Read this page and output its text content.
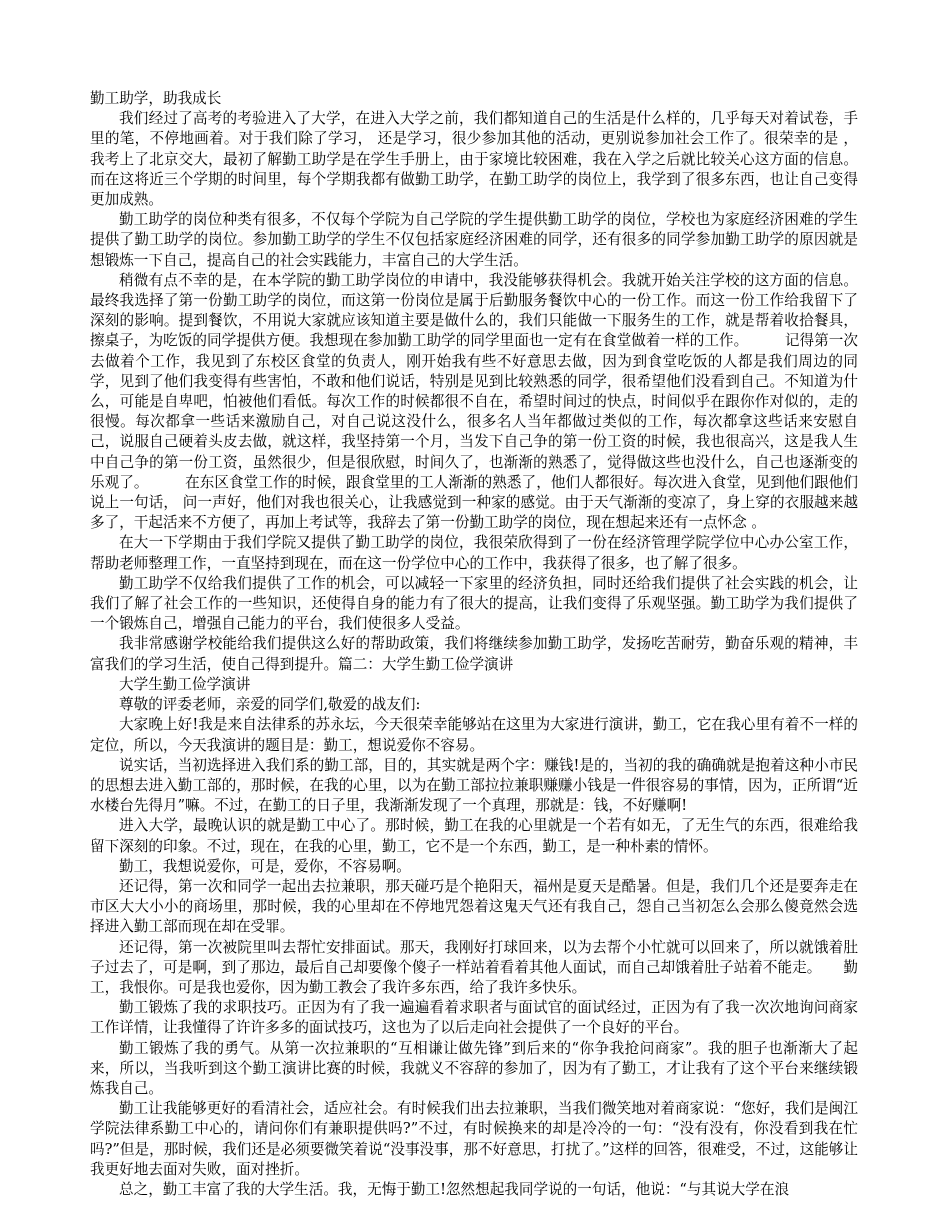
勤工助学，助我成长

我们经过了高考的考验进入了大学，在进入大学之前，我们都知道自己的生活是什么样的，几乎每天对着试卷，手里的笔，不停地画着。对于我们除了学习， 还是学习，很少参加其他的活动，更别说参加社会工作了。很荣幸的是 ，我考上了北京交大，最初了解勤工助学是在学生手册上，由于家境比较困难，我在入学之后就比较关心这方面的信息。而在这将近三个学期的时间里，每个学期我都有做勤工助学，在勤工助学的岗位上，我学到了很多东西，也让自己变得更加成熟。

勤工助学的岗位种类有很多，不仅每个学院为自己学院的学生提供勤工助学的岗位，学校也为家庭经济困难的学生提供了勤工助学的岗位。参加勤工助学的学生不仅包括家庭经济困难的同学，还有很多的同学参加勤工助学的原因就是想锻炼一下自己，提高自己的社会实践能力，丰富自己的大学生活。

稍微有点不幸的是，在本学院的勤工助学岗位的申请中，我没能够获得机会。我就开始关注学校的这方面的信息。最终我选择了第一份勤工助学的岗位，而这第一份岗位是属于后勤服务餐饮中心的一份工作。而这一份工作给我留下了深刻的影响。提到餐饮，不用说大家就应该知道主要是做什么的，我们只能做一下服务生的工作，就是帮着收拾餐具，擦桌子，为吃饭的同学提供方便。我想现在参加勤工助学的同学里面也一定有在食堂做着一样的工作。　　　记得第一次去做着个工作，我见到了东校区食堂的负责人，刚开始我有些不好意思去做，因为到食堂吃饭的人都是我们周边的同学，见到了他们我变得有些害怕，不敢和他们说话，特别是见到比较熟悉的同学，很希望他们没看到自己。不知道为什么，可能是自卑吧，怕被他们看低。每次工作的时候都很不自在，希望时间过的快点，时间似乎在跟你作对似的，走的很慢。每次都拿一些话来激励自己，对自己说这没什么，很多名人当年都做过类似的工作，每次都拿这些话来安慰自己，说服自己硬着头皮去做，就这样，我坚持第一个月，当发下自己争的第一份工资的时候，我也很高兴，这是我人生中自己争的第一份工资，虽然很少，但是很欣慰，时间久了，也渐渐的熟悉了，觉得做这些也没什么，自己也逐渐变的乐观了。　　　在东区食堂工作的时候，跟食堂里的工人渐渐的熟悉了，他们人都很好。每次进入食堂，见到他们跟他们说上一句话， 问一声好，他们对我也很关心，让我感觉到一种家的感觉。由于天气渐渐的变凉了，身上穿的衣服越来越多了，干起活来不方便了，再加上考试等，我辞去了第一份勤工助学的岗位，现在想起来还有一点怀念 。

在大一下学期由于我们学院又提供了勤工助学的岗位，我很荣欣得到了一份在经济管理学院学位中心办公室工作，帮助老师整理工作，一直坚持到现在，而在这一份学位中心的工作中，我获得了很多，也了解了很多。

勤工助学不仅给我们提供了工作的机会，可以减轻一下家里的经济负担，同时还给我们提供了社会实践的机会，让我们了解了社会工作的一些知识，还使得自身的能力有了很大的提高，让我们变得了乐观坚强。勤工助学为我们提供了一个锻炼自己，增强自己能力的平台，我们使很多人受益。

我非常感谢学校能给我们提供这么好的帮助政策，我们将继续参加勤工助学，发扬吃苦耐劳，勤奋乐观的精神，丰富我们的学习生活，使自己得到提升。篇二：大学生勤工俭学演讲

大学生勤工俭学演讲

尊敬的评委老师，亲爱的同学们,敬爱的战友们:

大家晚上好!我是来自法律系的苏永坛，今天很荣幸能够站在这里为大家进行演讲，勤工，它在我心里有着不一样的定位，所以，今天我演讲的题目是：勤工，想说爱你不容易。

说实话，当初选择进入我们系的勤工部，目的，其实就是两个字：赚钱!是的，当初的我的确确就是抱着这种小市民的思想去进入勤工部的，那时候，在我的心里，以为在勤工部拉拉兼职赚赚小钱是一件很容易的事情，因为，正所谓“近水楼台先得月”嘛。不过，在勤工的日子里，我渐渐发现了一个真理，那就是：钱，不好赚啊!

进入大学，最晚认识的就是勤工中心了。那时候，勤工在我的心里就是一个若有如无，了无生气的东西，很难给我留下深刻的印象。不过，现在，在我的心里，勤工，它不是一个东西，勤工，是一种朴素的情怀。

勤工，我想说爱你，可是，爱你，不容易啊。

还记得，第一次和同学一起出去拉兼职，那天碰巧是个艳阳天，福州是夏天是酷暑。但是，我们几个还是要奔走在市区大大小小的商场里，那时候，我的心里却在不停地咒怨着这鬼天气还有我自己，怨自己当初怎么会那么傻竟然会选择进入勤工部而现在却在受罪。

还记得，第一次被院里叫去帮忙安排面试。那天，我刚好打球回来，以为去帮个小忙就可以回来了，所以就饿着肚子过去了，可是啊，到了那边，最后自己却要像个傻子一样站着看着其他人面试，而自己却饿着肚子站着不能走。　　勤工，我恨你。可是我也爱你，因为勤工教会了我许多东西，给了我许多快乐。

勤工锻炼了我的求职技巧。正因为有了我一遍遍看着求职者与面试官的面试经过，正因为有了我一次次地询问商家工作详情，让我懂得了许许多多的面试技巧，这也为了以后走向社会提供了一个良好的平台。

勤工锻炼了我的勇气。从第一次拉兼职的“互相谦让做先锋”到后来的“你争我抢问商家”。我的胆子也渐渐大了起来，所以，当我听到这个勤工演讲比赛的时候，我就义不容辞的参加了，因为有了勤工，才让我有了这个平台来继续锻炼我自己。

勤工让我能够更好的看清社会，适应社会。有时候我们出去拉兼职，当我们微笑地对着商家说：“您好，我们是闽江学院法律系勤工中心的，请问你们有兼职提供吗?”不过，有时候换来的却是冷冷的一句：“没有没有，你没看到我在忙吗?”但是，那时候，我们还是必须要微笑着说“没事没事，那不好意思，打扰了。”这样的回答，很难受，不过，这能够让我更好地去面对失败，面对挫折。

总之，勤工丰富了我的大学生活。我，无悔于勤工!忽然想起我同学说的一句话，他说：“与其说大学在浪
